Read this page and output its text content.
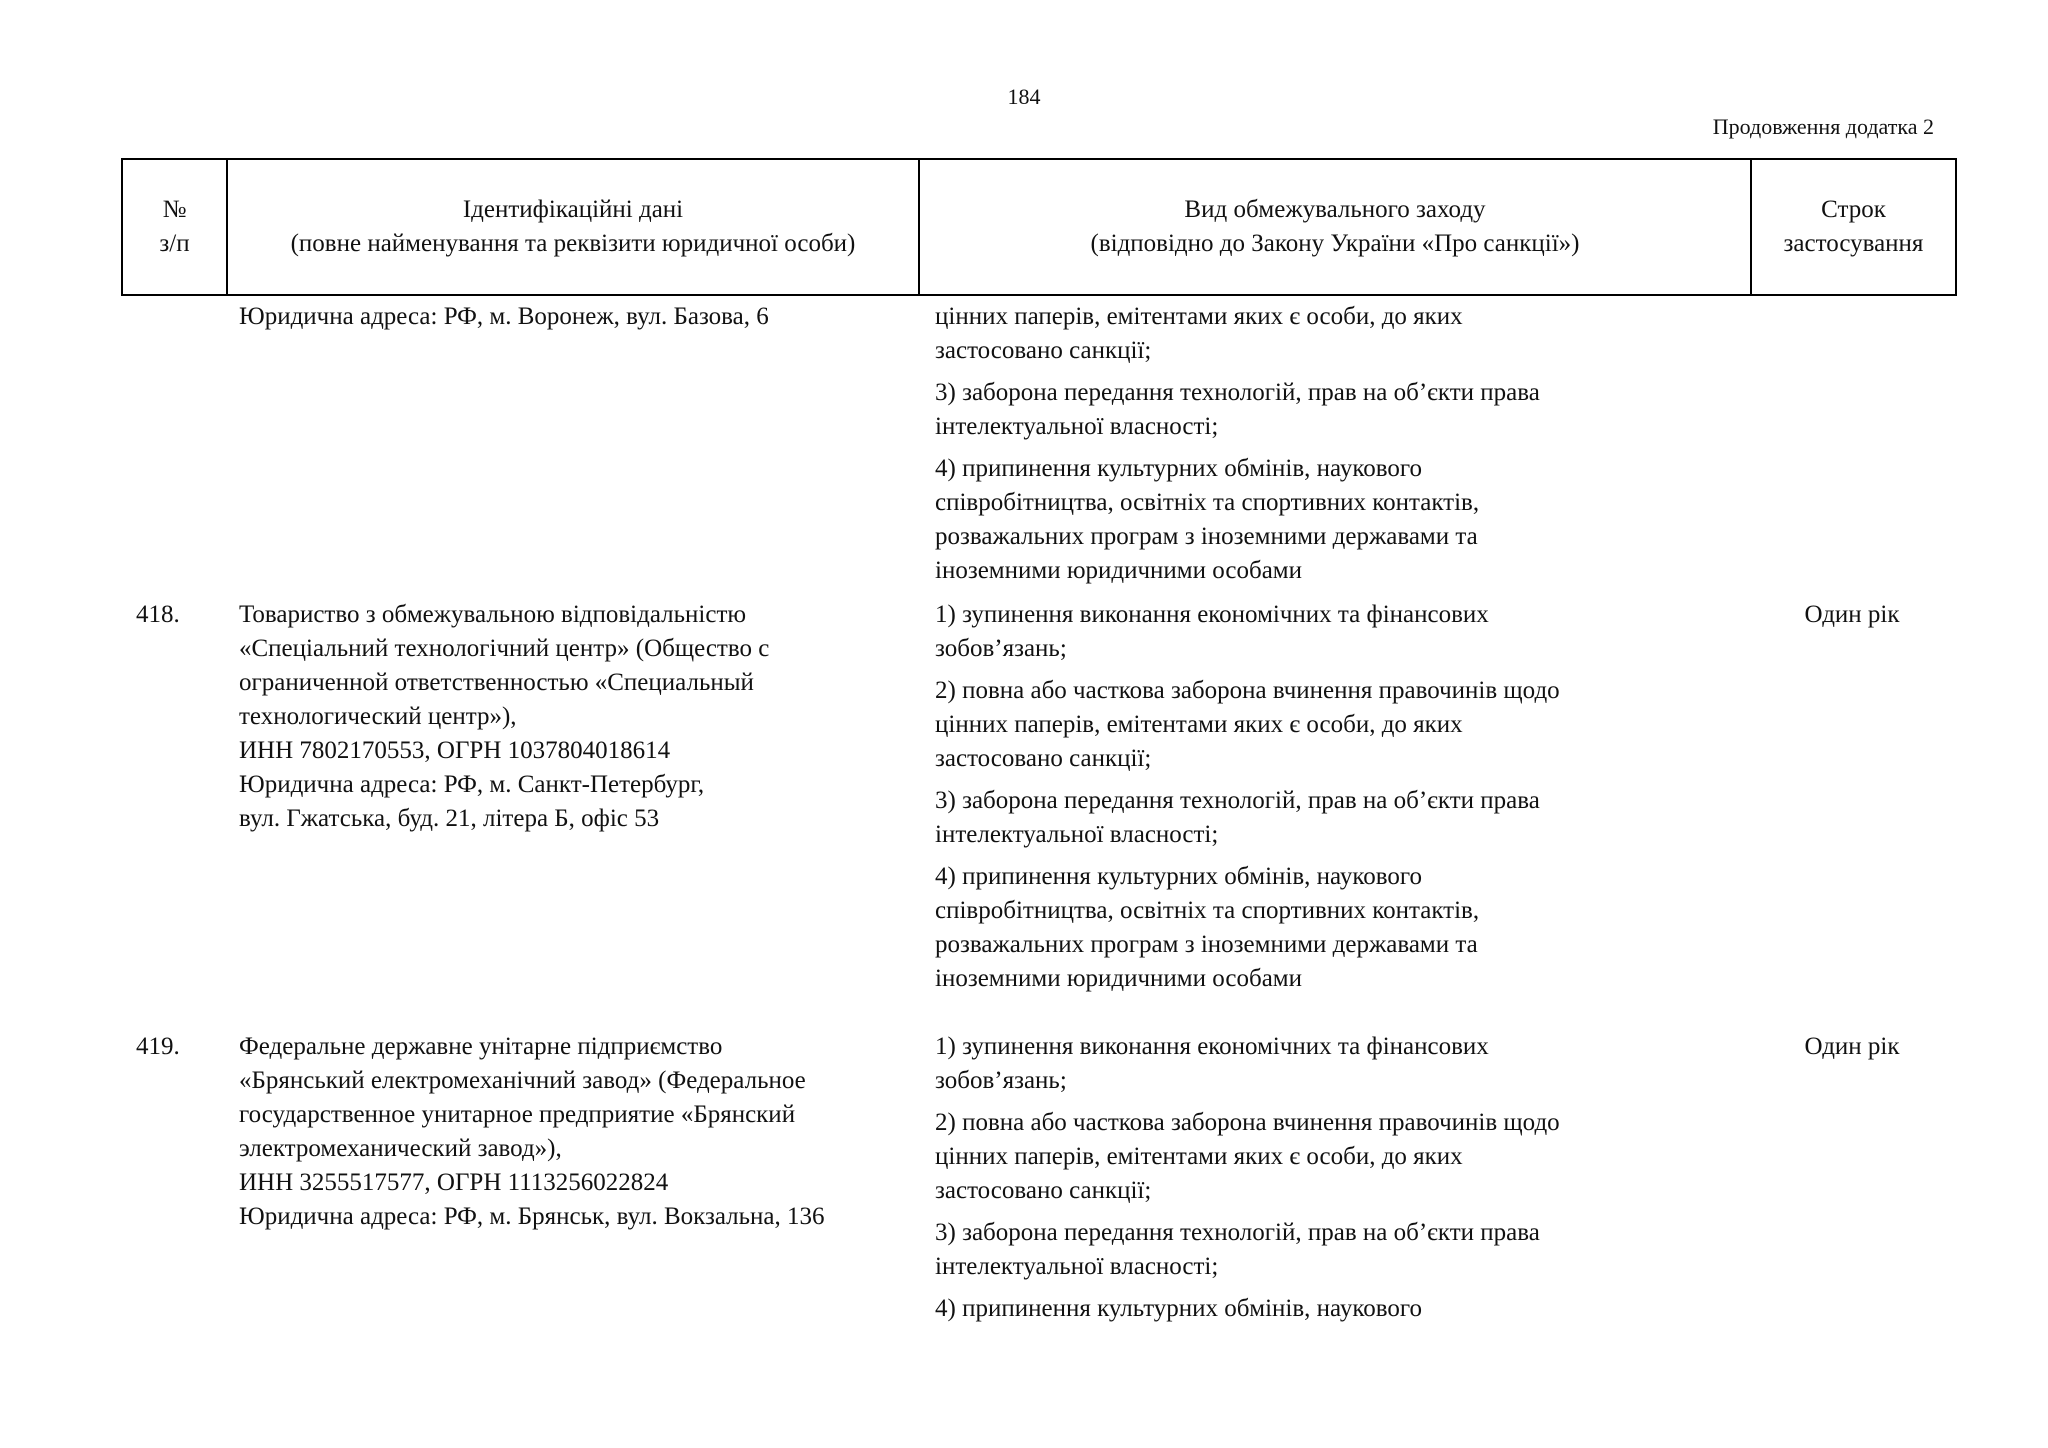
184
Продовження додатка 2
№
з/п
Ідентифікаційні дані
(повне найменування та реквізити юридичної особи)
Вид обмежувального заходу
(відповідно до Закону України «Про санкції»)
Строк
застосування
Юридична адреса: РФ, м. Воронеж, вул. Базова, 6	цінних паперів, емітентами яких є особи, до яких
застосовано санкції;
3) заборона передання технологій, прав на об’єкти права
інтелектуальної власності;
4) припинення культурних обмінів, наукового
співробітництва, освітніх та спортивних контактів,
розважальних програм з іноземними державами та
іноземними юридичними особами
418. Товариство з обмежувальною відповідальністю
«Спеціальний технологічний центр» (Общество с
ограниченной ответственностью «Специальный
технологический центр»),
ИНН 7802170553, ОГРН 1037804018614
Юридична адреса: РФ, м. Санкт-Петербург,
вул. Гжатська, буд. 21, літера Б, офіс 53
1) зупинення виконання економічних та фінансових
зобов’язань;
2) повна або часткова заборона вчинення правочинів щодо
цінних паперів, емітентами яких є особи, до яких
застосовано санкції;
3) заборона передання технологій, прав на об’єкти права
інтелектуальної власності;
4) припинення культурних обмінів, наукового
співробітництва, освітніх та спортивних контактів,
розважальних програм з іноземними державами та
іноземними юридичними особами
Один рік
419. Федеральне державне унітарне підприємство
«Брянський електромеханічний завод» (Федеральное
государственное унитарное предприятие «Брянский
электромеханический завод»),
ИНН 3255517577, ОГРН 1113256022824
Юридична адреса: РФ, м. Брянськ, вул. Вокзальна, 136
1) зупинення виконання економічних та фінансових
зобов’язань;
2) повна або часткова заборона вчинення правочинів щодо
цінних паперів, емітентами яких є особи, до яких
застосовано санкції;
3) заборона передання технологій, прав на об’єкти права
інтелектуальної власності;
4) припинення культурних обмінів, наукового
Один рік
